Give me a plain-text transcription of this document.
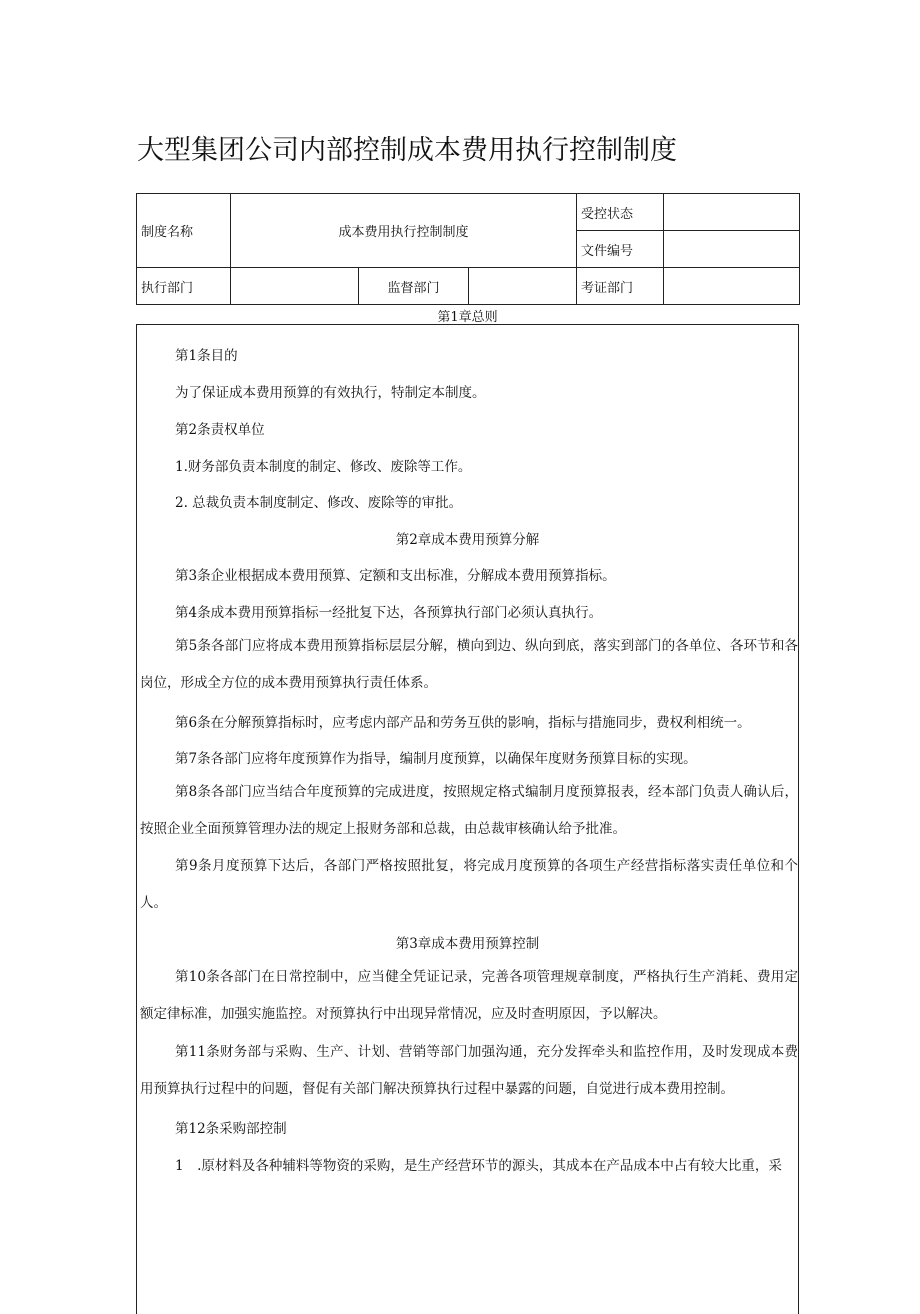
大型集团公司内部控制成本费用执行控制制度
制度名称	成本费用执行控制制度			受控状态	
				文件编号	
执行部门		监督部门		考证部门	
第1章总则
第1条目的
为了保证成本费用预算的有效执行，特制定本制度。
第2条责权单位
1.财务部负责本制度的制定、修改、废除等工作。
2. 总裁负责本制度制定、修改、废除等的审批。
第2章成本费用预算分解
第3条企业根据成本费用预算、定额和支出标准，分解成本费用预算指标。
第4条成本费用预算指标一经批复下达，各预算执行部门必须认真执行。
第5条各部门应将成本费用预算指标层层分解，横向到边、纵向到底，落实到部门的各单位、各环节和各岗位，形成全方位的成本费用预算执行责任体系。
第6条在分解预算指标时，应考虑内部产品和劳务互供的影响，指标与措施同步，费权利相统一。
第7条各部门应将年度预算作为指导，编制月度预算，以确保年度财务预算目标的实现。
第8条各部门应当结合年度预算的完成进度，按照规定格式编制月度预算报表，经本部门负责人确认后，按照企业全面预算管理办法的规定上报财务部和总裁，由总裁审核确认给予批准。
第9条月度预算下达后，各部门严格按照批复，将完成月度预算的各项生产经营指标落实责任单位和个人。
第3章成本费用预算控制
第10条各部门在日常控制中，应当健全凭证记录，完善各项管理规章制度，严格执行生产消耗、费用定额定律标准，加强实施监控。对预算执行中出现异常情况，应及时查明原因，予以解决。
第11条财务部与采购、生产、计划、营销等部门加强沟通，充分发挥牵头和监控作用，及时发现成本费用预算执行过程中的问题，督促有关部门解决预算执行过程中暴露的问题，自觉进行成本费用控制。
第12条采购部控制
1　.原材料及各种辅料等物资的采购，是生产经营环节的源头，其成本在产品成本中占有较大比重，采
